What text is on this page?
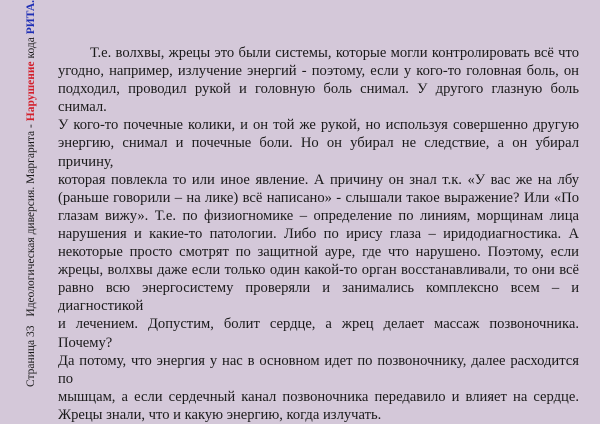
Страница 33
Идеологическая диверсия. Маргарита - Нарушение кода РИТА.
Т.е. волхвы, жрецы это были системы, которые могли контролировать всё что
угодно, например, излучение энергий - поэтому, если у кого-то головная боль, он
подходил, проводил рукой и головную боль снимал. У другого глазную боль снимал.
У кого-то почечные колики, и он той же рукой, но используя совершенно другую
энергию, снимал и почечные боли. Но он убирал не следствие, а он убирал причину,
которая повлекла то или иное явление. А причину он знал т.к. «У вас же на лбу
(раньше говорили – на лике) всё написано» - слышали такое выражение? Или «По
глазам вижу». Т.е. по физиогномике – определение по линиям, морщинам лица
нарушения и какие-то патологии. Либо по ирису глаза – иридодиагностика. А
некоторые просто смотрят по защитной ауре, где что нарушено. Поэтому, если
жрецы, волхвы даже если только один какой-то орган восстанавливали, то они всё
равно всю энергосистему проверяли и занимались комплексно всем – и диагностикой
и лечением. Допустим, болит сердце, а жрец делает массаж позвоночника. Почему?
Да потому, что энергия у нас в основном идет по позвоночнику, далее расходится по
мышцам, а если сердечный канал позвоночника передавило и влияет на сердце.
Жрецы знали, что и какую энергию, когда излучать.
